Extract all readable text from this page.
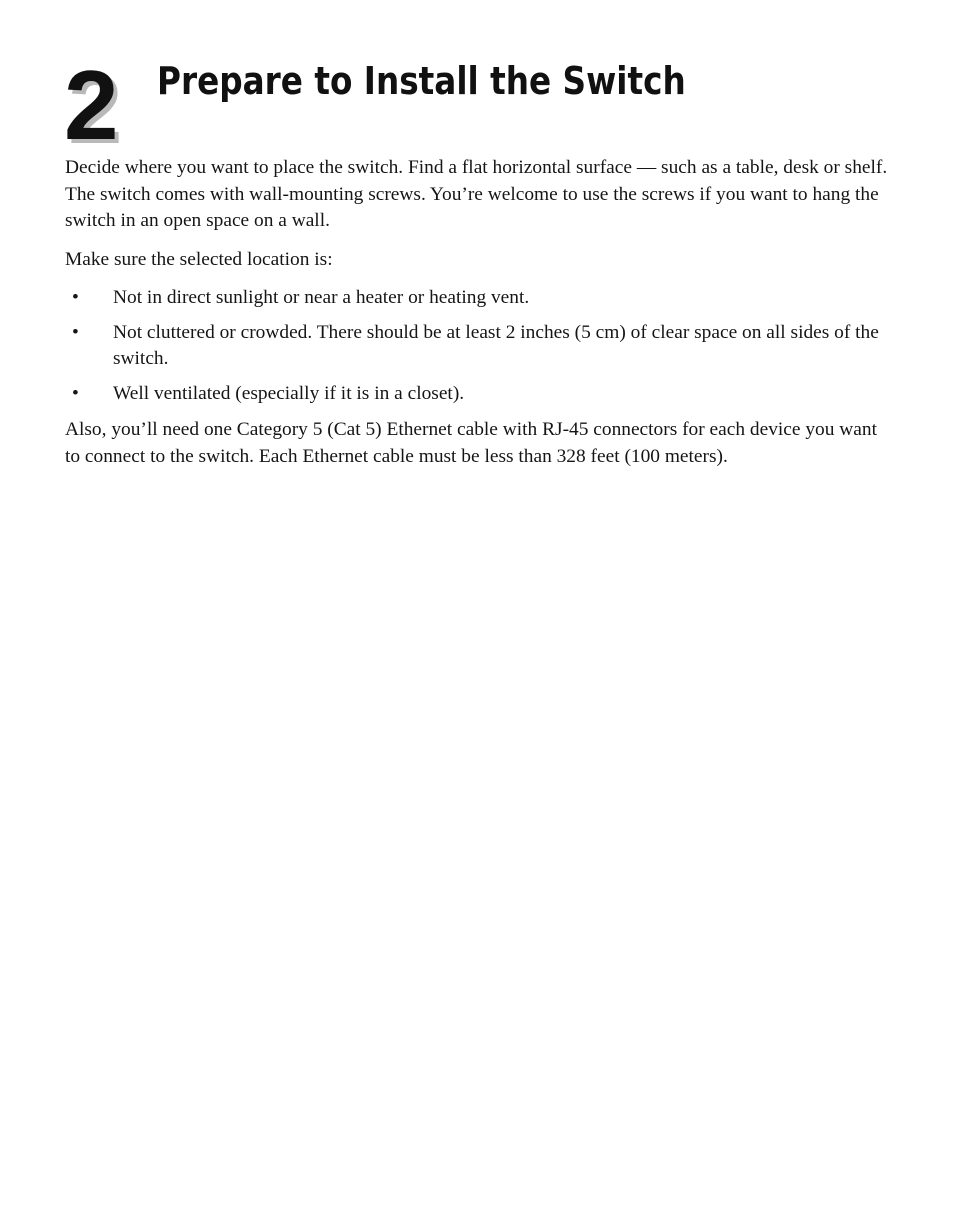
2 Prepare to Install the Switch

Decide where you want to place the switch. Find a flat horizontal surface — such as a table, desk or shelf. The switch comes with wall-mounting screws. You’re welcome to use the screws if you want to hang the switch in an open space on a wall.

Make sure the selected location is:

• Not in direct sunlight or near a heater or heating vent.
• Not cluttered or crowded. There should be at least 2 inches (5 cm) of clear space on all sides of the switch.
• Well ventilated (especially if it is in a closet).

Also, you’ll need one Category 5 (Cat 5) Ethernet cable with RJ-45 connectors for each device you want to connect to the switch. Each Ethernet cable must be less than 328 feet (100 meters).
